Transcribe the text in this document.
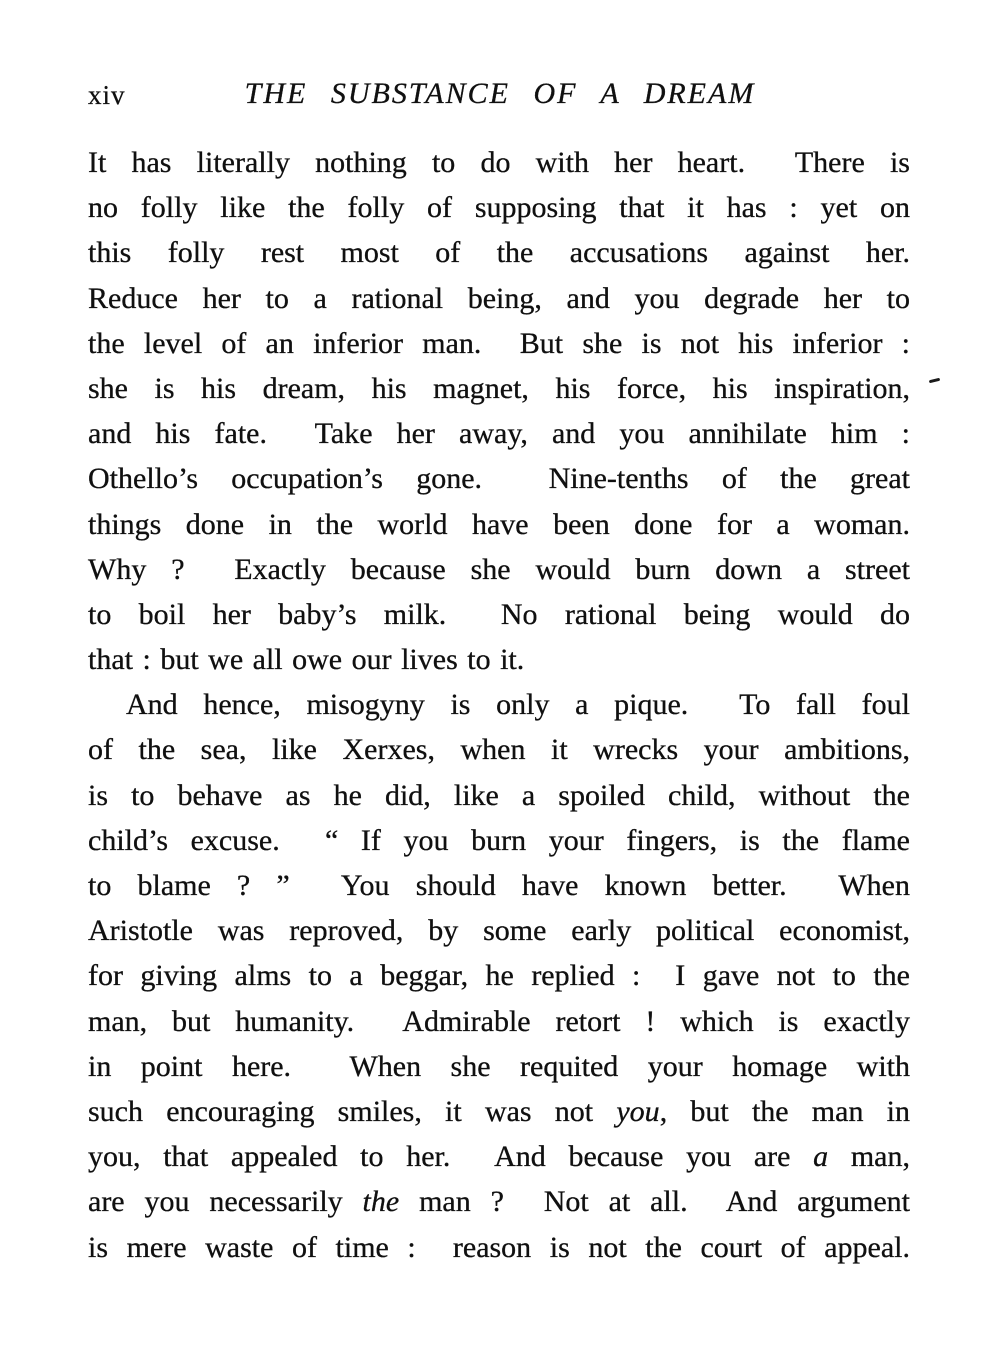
xiv	THE SUBSTANCE OF A DREAM
It has literally nothing to do with her heart.  There is
no folly like the folly of supposing that it has : yet on
this folly rest most of the accusations against her.
Reduce her to a rational being, and you degrade her to
the level of an inferior man.  But she is not his inferior :
she is his dream, his magnet, his force, his inspiration,
and his fate.  Take her away, and you annihilate him :
Othello’s occupation’s gone.  Nine-tenths of the great
things done in the world have been done for a woman.
Why ?  Exactly because she would burn down a street
to boil her baby’s milk.  No rational being would do
that : but we all owe our lives to it.
And hence, misogyny is only a pique.  To fall foul
of the sea, like Xerxes, when it wrecks your ambitions,
is to behave as he did, like a spoiled child, without the
child’s excuse.  “ If you burn your fingers, is the flame
to blame ? ”  You should have known better.  When
Aristotle was reproved, by some early political economist,
for giving alms to a beggar, he replied :  I gave not to the
man, but humanity.  Admirable retort ! which is exactly
in point here.  When she requited your homage with
such encouraging smiles, it was not you, but the man in
you, that appealed to her.  And because you are a man,
are you necessarily the man ?  Not at all.  And argument
is mere waste of time :  reason is not the court of appeal.
